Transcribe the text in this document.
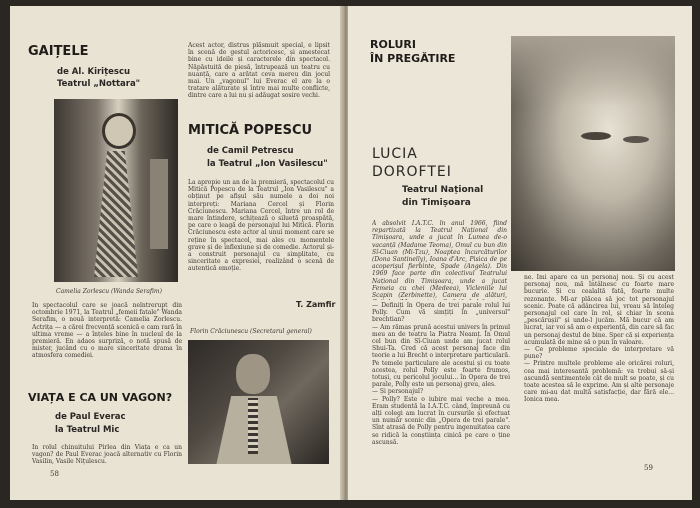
GAIȚELE
de Al. Kirițescu
Teatrul „Nottara"
Camelia Zorlescu (Wanda Serafim)
În spectacolul care se joacă neîntrerupt din octombrie 1971, la Teatrul „femeii fatale" Wanda Serafim, o nouă interpretă: Camelia Zorlescu. Actrița — a cărei frecvență scenică e cam rară în ultima vreme — a înțeles bine în nucleul de la premieră. En adaos surpriză, o notă spusă de mister, jucând cu o mare sinceritate drama în atmosfera comediei.
Acest actor, distrus plăsmuit special, e lipsit în scenă de gestul actoricesc, și amestecat bine cu ideile și caracterele din spectacol. Năpăstuită de piesă, întrupează un teatru cu nuanță, care a arătat ceva mereu din jocul mai. Un „vagonul" lui Everac el are la o tratare alăturate și între mai multe conflicte, dintre care a lui nu și adăugat sosire vechi.
MITICĂ POPESCU
de Camil Petrescu
la Teatrul „Ion Vasilescu"
La apropie un an de la premieră, spectacolul cu Mitică Popescu de la Teatrul „Ion Vasilescu" a obținut pe afișul său numele a doi noi interpreți: Mariana Cercel și Florin Crăciunescu. Mariana Cercel, între un rol de mare întindere, schițează o siluetă proaspătă, pe care o leagă de personajul lui Mitică. Florin Crăciunescu este actor al unui moment care se reține în spectacol, mai ales cu momentele grave și de inflexiune și de comedie. Actorul și-a construit personajul cu simplitate, cu sinceritate a expresiei, realizând o scenă de autentică emoție.
T. Zamfir
Florin Crăciunescu (Secretarul general)
VIAȚA E CA UN VAGON?
de Paul Everac
la Teatrul Mic
În rolul chinuitului Pirlea din Viața e ca un vagon? de Paul Everac joacă alternativ cu Florin Vasilin, Vasile Nițulescu.
58
ROLURI
ÎN PREGĂTIRE
LUCIA
DOROFTEI
Teatrul Național
din Timișoara
A absolvit I.A.T.C. în anul 1966, fiind repartizată la Teatrul Național din Timișoara, unde a jucat în Lumea de-o vacanță (Madame Teoma), Omul cu bun din Sî-Ciuan (Mi-Tzu), Noaptea încurcăturilor (Dona Santinelly), Ioana d'Arc, Pisica de pe acoperișul fierbinte, Spade (Angela). Din 1969 face parte din colectivul Teatrului Național din Timișoara, unde a jucat Femeia cu chei (Medeea), Vicleniile lui Scapin (Zerbinette), Camera de alături,
— Definiți în Opera de trei parale rolul lui Polly. Cum vă simțiți în „universul" brechtian?
— Am rămas prună acestui univers în primul meu an de teatru la Piatra Neamț. În Omul cel bun din Sî-Ciuan unde am jucat rolul Shui-Ta. Cred că acest personaj face din teorie a lui Brecht o interpretare particulară. Pe temele particulare ale acestui și cu toate acestea, rolul Polly este foarte frumos, totuși, cu pericolul jocului... în Opera de trei parale, Polly este un personaj greu, ales.
— Și personajul?
— Polly? Este o iubire mai veche a mea. Eram studentă la I.A.T.C. când, împreună cu alți colegi am lucrat în cursurile și efectuat un număr scenic din „Opera de trei parale". Sînt atrasă de Polly pentru ingenuitatea care se ridică la conștiința cinică pe care o ține ascunsă.
ne. Îmi apare ca un personaj nou. Și cu acest personaj nou, mă întâlnesc cu foarte mare bucurie. Și cu cealaltă fată, foarte multe rezonanțe. Mi-ar plăcea să joc tot personajul scenic. Poate că adâncirea lui, vreau să înțeleg personajul cel care în rol, și chiar în scena „pescărușii" și unde-l jucăm. Mă bucur că am lucrat, iar voi să am o experiență, din care să fac un personaj destul de bine. Sper că și experiența acumulată de mine să o pun în valoare.
— Ce probleme speciale de interpretare vă pune?
— Printre multele probleme ale oricărei roluri, cea mai interesantă problemă: va trebui să-și ascundă sentimentele cât de mult se poate, și cu toate acestea să le exprime. Am și alte personaje care mi-au dat multă satisfacție, dar fără ele... Ionica mea.
59
